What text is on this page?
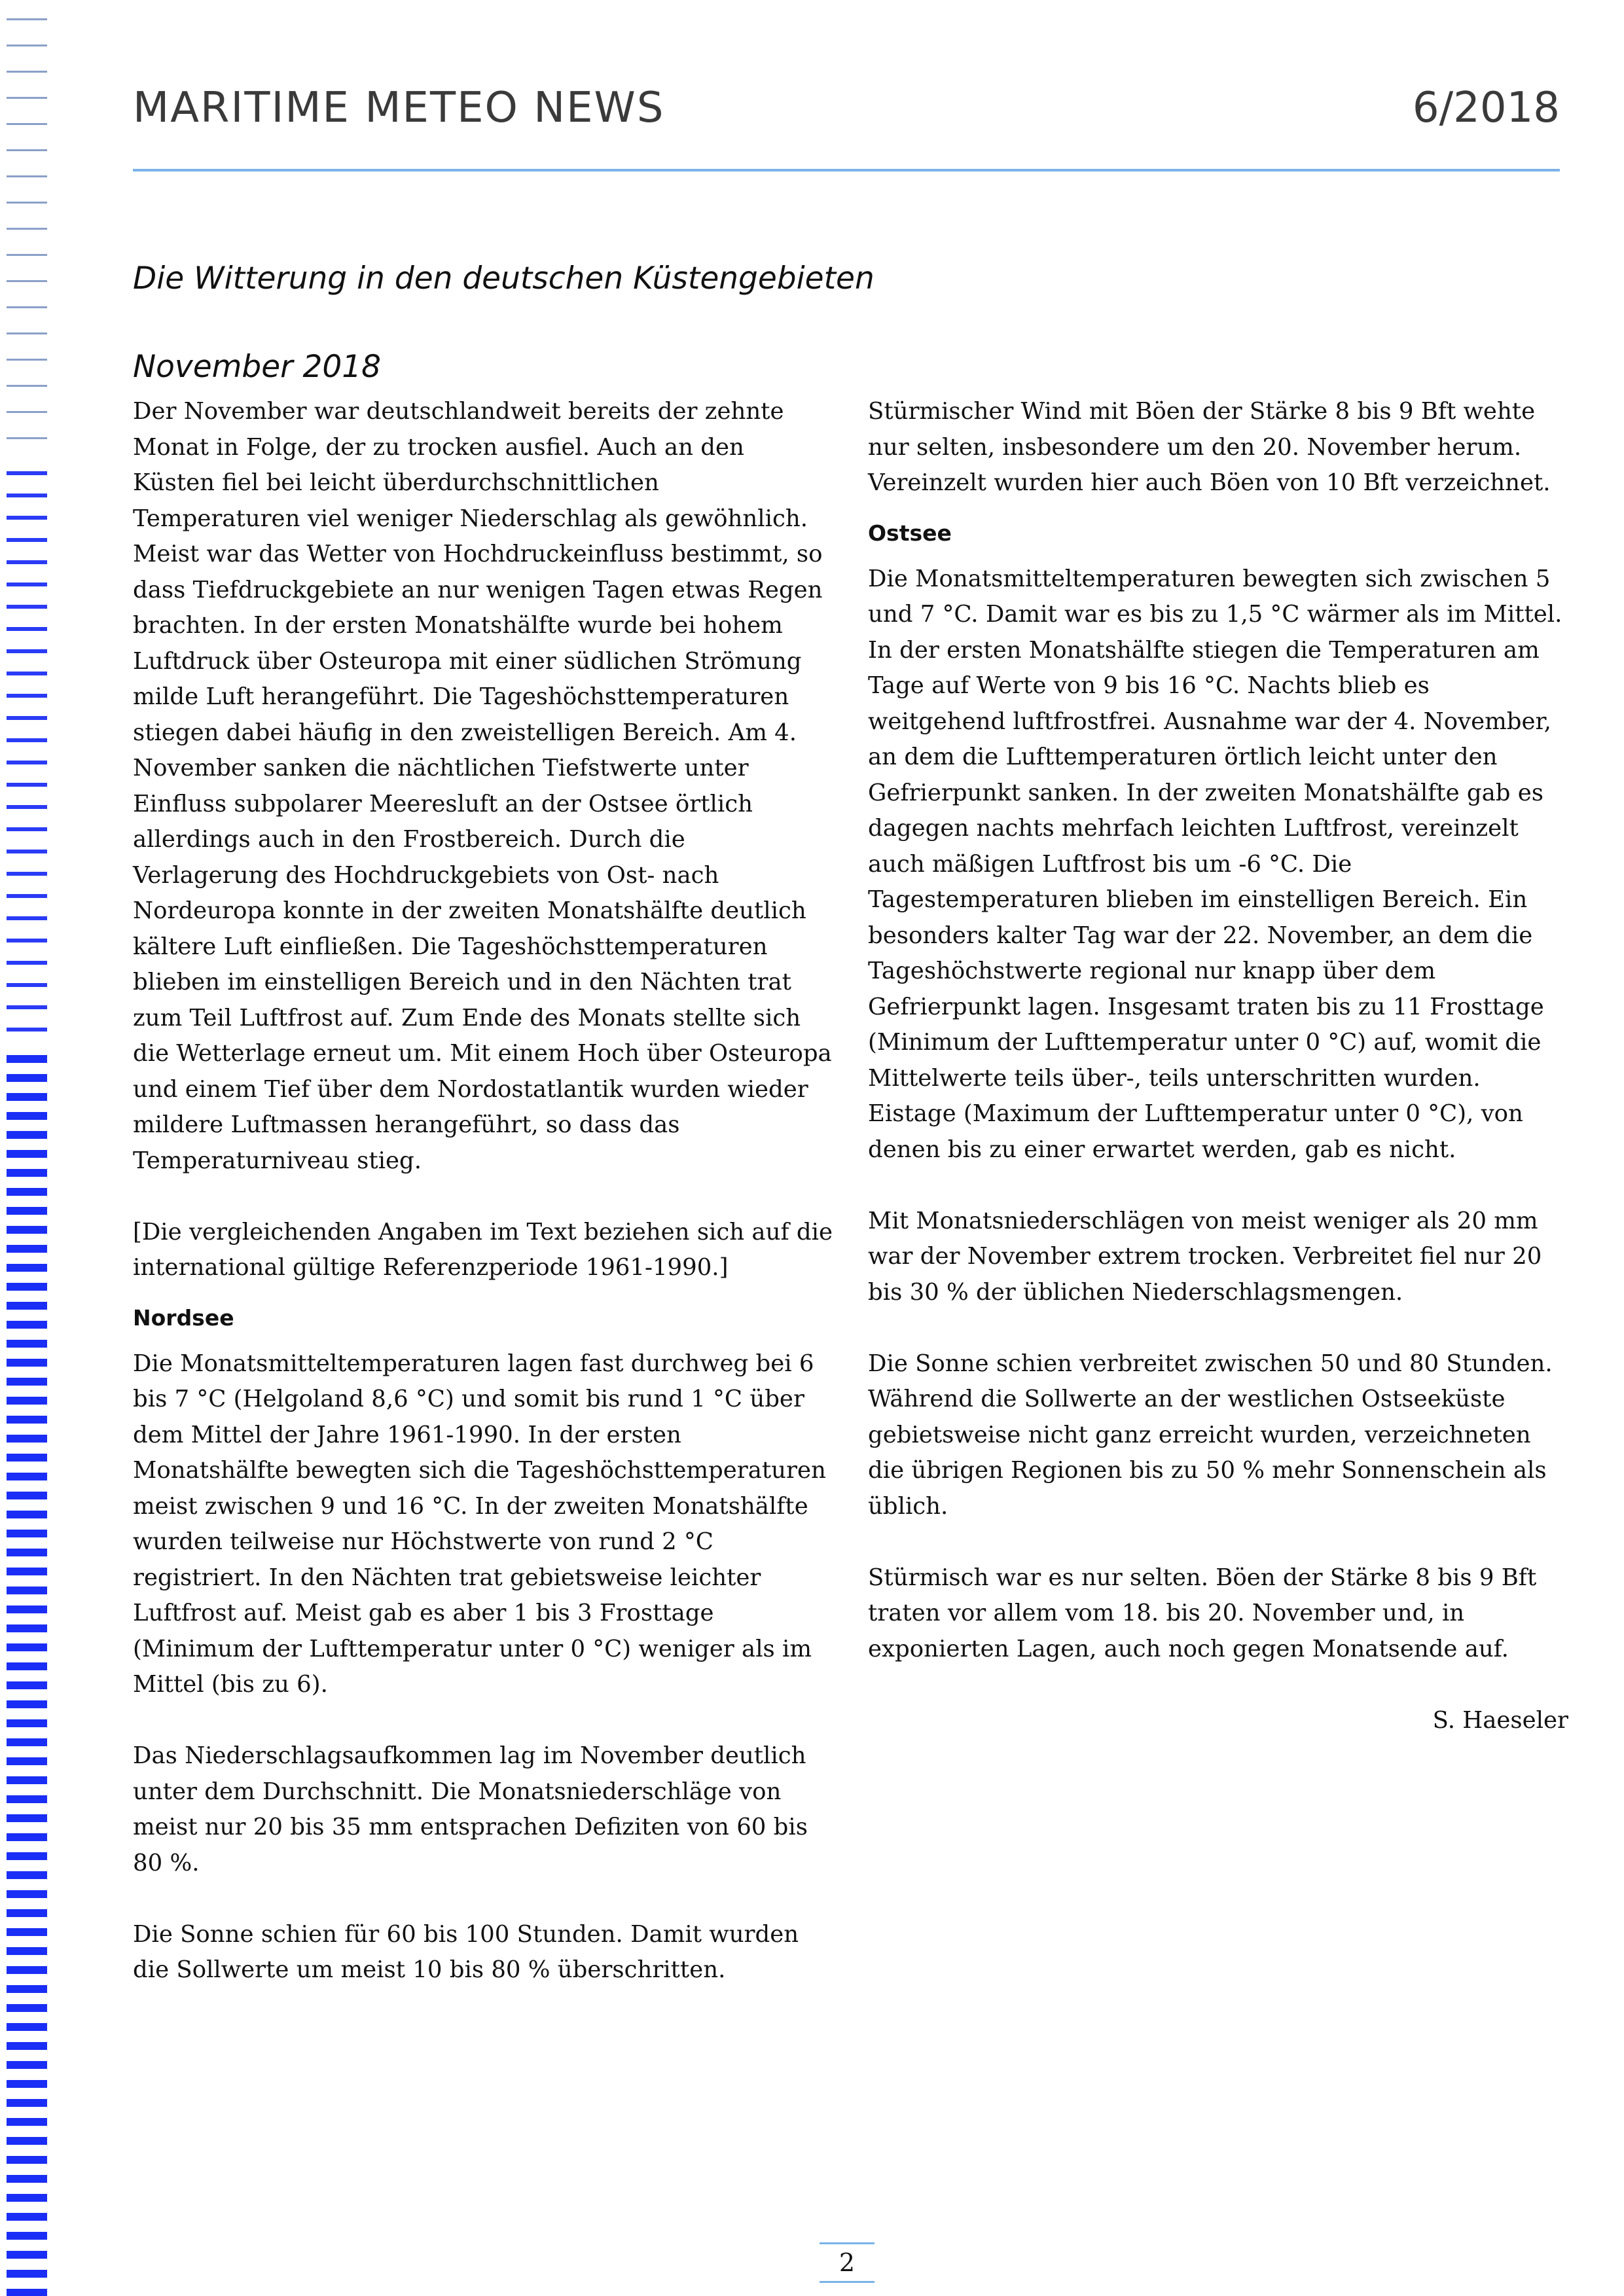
MARITIME METEO NEWS	6/2018
Die Witterung in den deutschen Küstengebieten
November 2018

Der November war deutschlandweit bereits der zehnte Monat in Folge, der zu trocken ausfiel. Auch an den Küsten fiel bei leicht überdurchschnittlichen Temperaturen viel weniger Niederschlag als gewöhnlich. Meist war das Wetter von Hochdruckeinfluss bestimmt, so dass Tiefdruckgebiete an nur wenigen Tagen etwas Regen brachten. In der ersten Monatshälfte wurde bei hohem Luftdruck über Osteuropa mit einer südlichen Strömung milde Luft herangeführt. Die Tageshöchsttemperaturen stiegen dabei häufig in den zweistelligen Bereich. Am 4. November sanken die nächtlichen Tiefstwerte unter Einfluss subpolarer Meeresluft an der Ostsee örtlich allerdings auch in den Frostbereich. Durch die Verlagerung des Hochdruckgebiets von Ost- nach Nordeuropa konnte in der zweiten Monatshälfte deutlich kältere Luft einfließen. Die Tageshöchsttemperaturen blieben im einstelligen Bereich und in den Nächten trat zum Teil Luftfrost auf. Zum Ende des Monats stellte sich die Wetterlage erneut um. Mit einem Hoch über Osteuropa und einem Tief über dem Nordostatlantik wurden wieder mildere Luftmassen herangeführt, so dass das Temperaturniveau stieg.

[Die vergleichenden Angaben im Text beziehen sich auf die international gültige Referenzperiode 1961-1990.]

Nordsee

Die Monatsmitteltemperaturen lagen fast durchweg bei 6 bis 7 °C (Helgoland 8,6 °C) und somit bis rund 1 °C über dem Mittel der Jahre 1961-1990. In der ersten Monatshälfte bewegten sich die Tageshöchsttemperaturen meist zwischen 9 und 16 °C. In der zweiten Monatshälfte wurden teilweise nur Höchstwerte von rund 2 °C registriert. In den Nächten trat gebietsweise leichter Luftfrost auf. Meist gab es aber 1 bis 3 Frosttage (Minimum der Lufttemperatur unter 0 °C) weniger als im Mittel (bis zu 6).

Das Niederschlagsaufkommen lag im November deutlich unter dem Durchschnitt. Die Monatsniederschläge von meist nur 20 bis 35 mm entsprachen Defiziten von 60 bis 80 %.

Die Sonne schien für 60 bis 100 Stunden. Damit wurden die Sollwerte um meist 10 bis 80 % überschritten.

Stürmischer Wind mit Böen der Stärke 8 bis 9 Bft wehte nur selten, insbesondere um den 20. November herum. Vereinzelt wurden hier auch Böen von 10 Bft verzeichnet.

Ostsee

Die Monatsmitteltemperaturen bewegten sich zwischen 5 und 7 °C. Damit war es bis zu 1,5 °C wärmer als im Mittel. In der ersten Monatshälfte stiegen die Temperaturen am Tage auf Werte von 9 bis 16 °C. Nachts blieb es weitgehend luftfrostfrei. Ausnahme war der 4. November, an dem die Lufttemperaturen örtlich leicht unter den Gefrierpunkt sanken. In der zweiten Monatshälfte gab es dagegen nachts mehrfach leichten Luftfrost, vereinzelt auch mäßigen Luftfrost bis um -6 °C. Die Tagestemperaturen blieben im einstelligen Bereich. Ein besonders kalter Tag war der 22. November, an dem die Tageshöchstwerte regional nur knapp über dem Gefrierpunkt lagen. Insgesamt traten bis zu 11 Frosttage (Minimum der Lufttemperatur unter 0 °C) auf, womit die Mittelwerte teils über-, teils unterschritten wurden. Eistage (Maximum der Lufttemperatur unter 0 °C), von denen bis zu einer erwartet werden, gab es nicht.

Mit Monatsniederschlägen von meist weniger als 20 mm war der November extrem trocken. Verbreitet fiel nur 20 bis 30 % der üblichen Niederschlagsmengen.

Die Sonne schien verbreitet zwischen 50 und 80 Stunden. Während die Sollwerte an der westlichen Ostseeküste gebietsweise nicht ganz erreicht wurden, verzeichneten die übrigen Regionen bis zu 50 % mehr Sonnenschein als üblich.

Stürmisch war es nur selten. Böen der Stärke 8 bis 9 Bft traten vor allem vom 18. bis 20. November und, in exponierten Lagen, auch noch gegen Monatsende auf.

S. Haeseler

2
